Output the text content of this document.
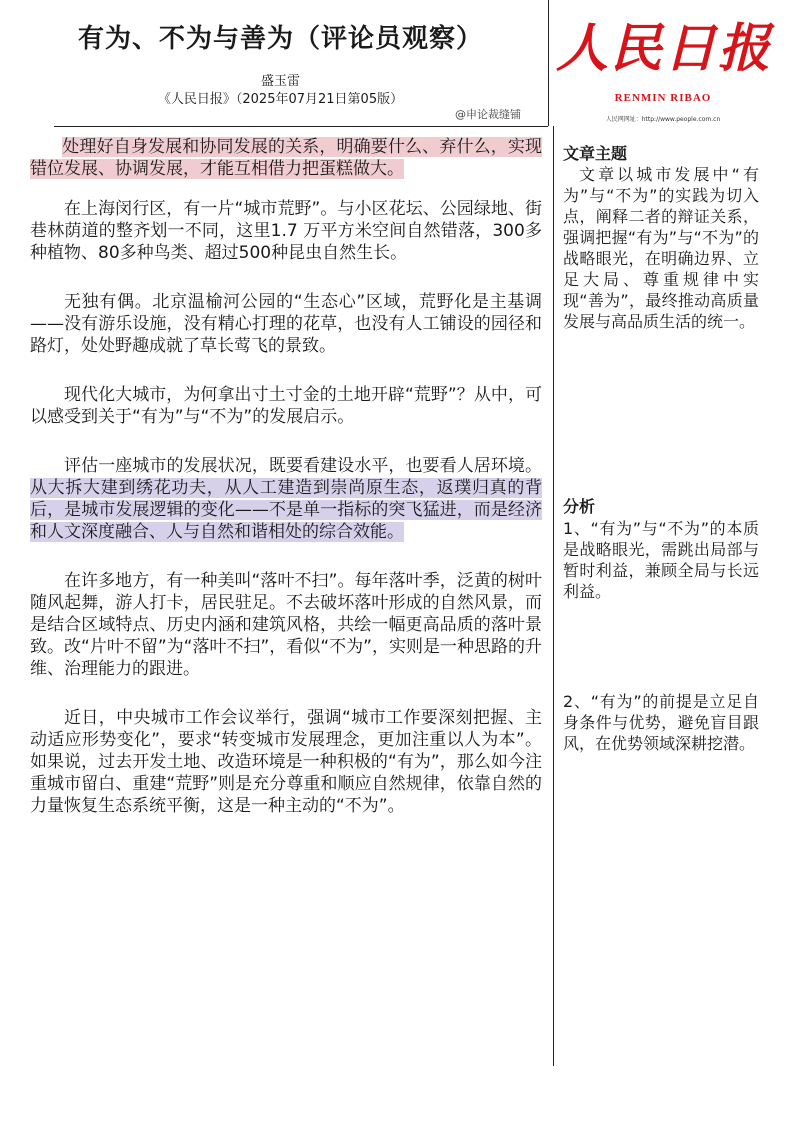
有为、不为与善为（评论员观察）
盛玉雷
《人民日报》（2025年07月21日第05版）
@申论裁缝铺
人民日报
RENMIN RIBAO
人民网网址：http://www.people.com.cn

处理好自身发展和协同发展的关系，明确要什么、弃什么，实现错位发展、协调发展，才能互相借力把蛋糕做大。

在上海闵行区，有一片“城市荒野”。与小区花坛、公园绿地、街巷林荫道的整齐划一不同，这里1.7 万平方米空间自然错落，300多种植物、80多种鸟类、超过500种昆虫自然生长。

无独有偶。北京温榆河公园的“生态心”区域，荒野化是主基调——没有游乐设施，没有精心打理的花草，也没有人工铺设的园径和路灯，处处野趣成就了草长莺飞的景致。

现代化大城市，为何拿出寸土寸金的土地开辟“荒野”？从中，可以感受到关于“有为”与“不为”的发展启示。

评估一座城市的发展状况，既要看建设水平，也要看人居环境。从大拆大建到绣花功夫，从人工建造到崇尚原生态，返璞归真的背后，是城市发展逻辑的变化——不是单一指标的突飞猛进，而是经济和人文深度融合、人与自然和谐相处的综合效能。

在许多地方，有一种美叫“落叶不扫”。每年落叶季，泛黄的树叶随风起舞，游人打卡，居民驻足。不去破坏落叶形成的自然风景，而是结合区域特点、历史内涵和建筑风格，共绘一幅更高品质的落叶景致。改“片叶不留”为“落叶不扫”，看似“不为”，实则是一种思路的升维、治理能力的跟进。

近日，中央城市工作会议举行，强调“城市工作要深刻把握、主动适应形势变化”，要求“转变城市发展理念，更加注重以人为本”。如果说，过去开发土地、改造环境是一种积极的“有为”，那么如今注重城市留白、重建“荒野”则是充分尊重和顺应自然规律，依靠自然的力量恢复生态系统平衡，这是一种主动的“不为”。

文章主题
文章以城市发展中“有为”与“不为”的实践为切入点，阐释二者的辩证关系，强调把握“有为”与“不为”的战略眼光，在明确边界、立足大局、尊重规律中实现“善为”，最终推动高质量发展与高品质生活的统一。
分析
1、“有为”与“不为”的本质是战略眼光，需跳出局部与暂时利益，兼顾全局与长远利益。
2、“有为”的前提是立足自身条件与优势，避免盲目跟风，在优势领域深耕挖潜。
